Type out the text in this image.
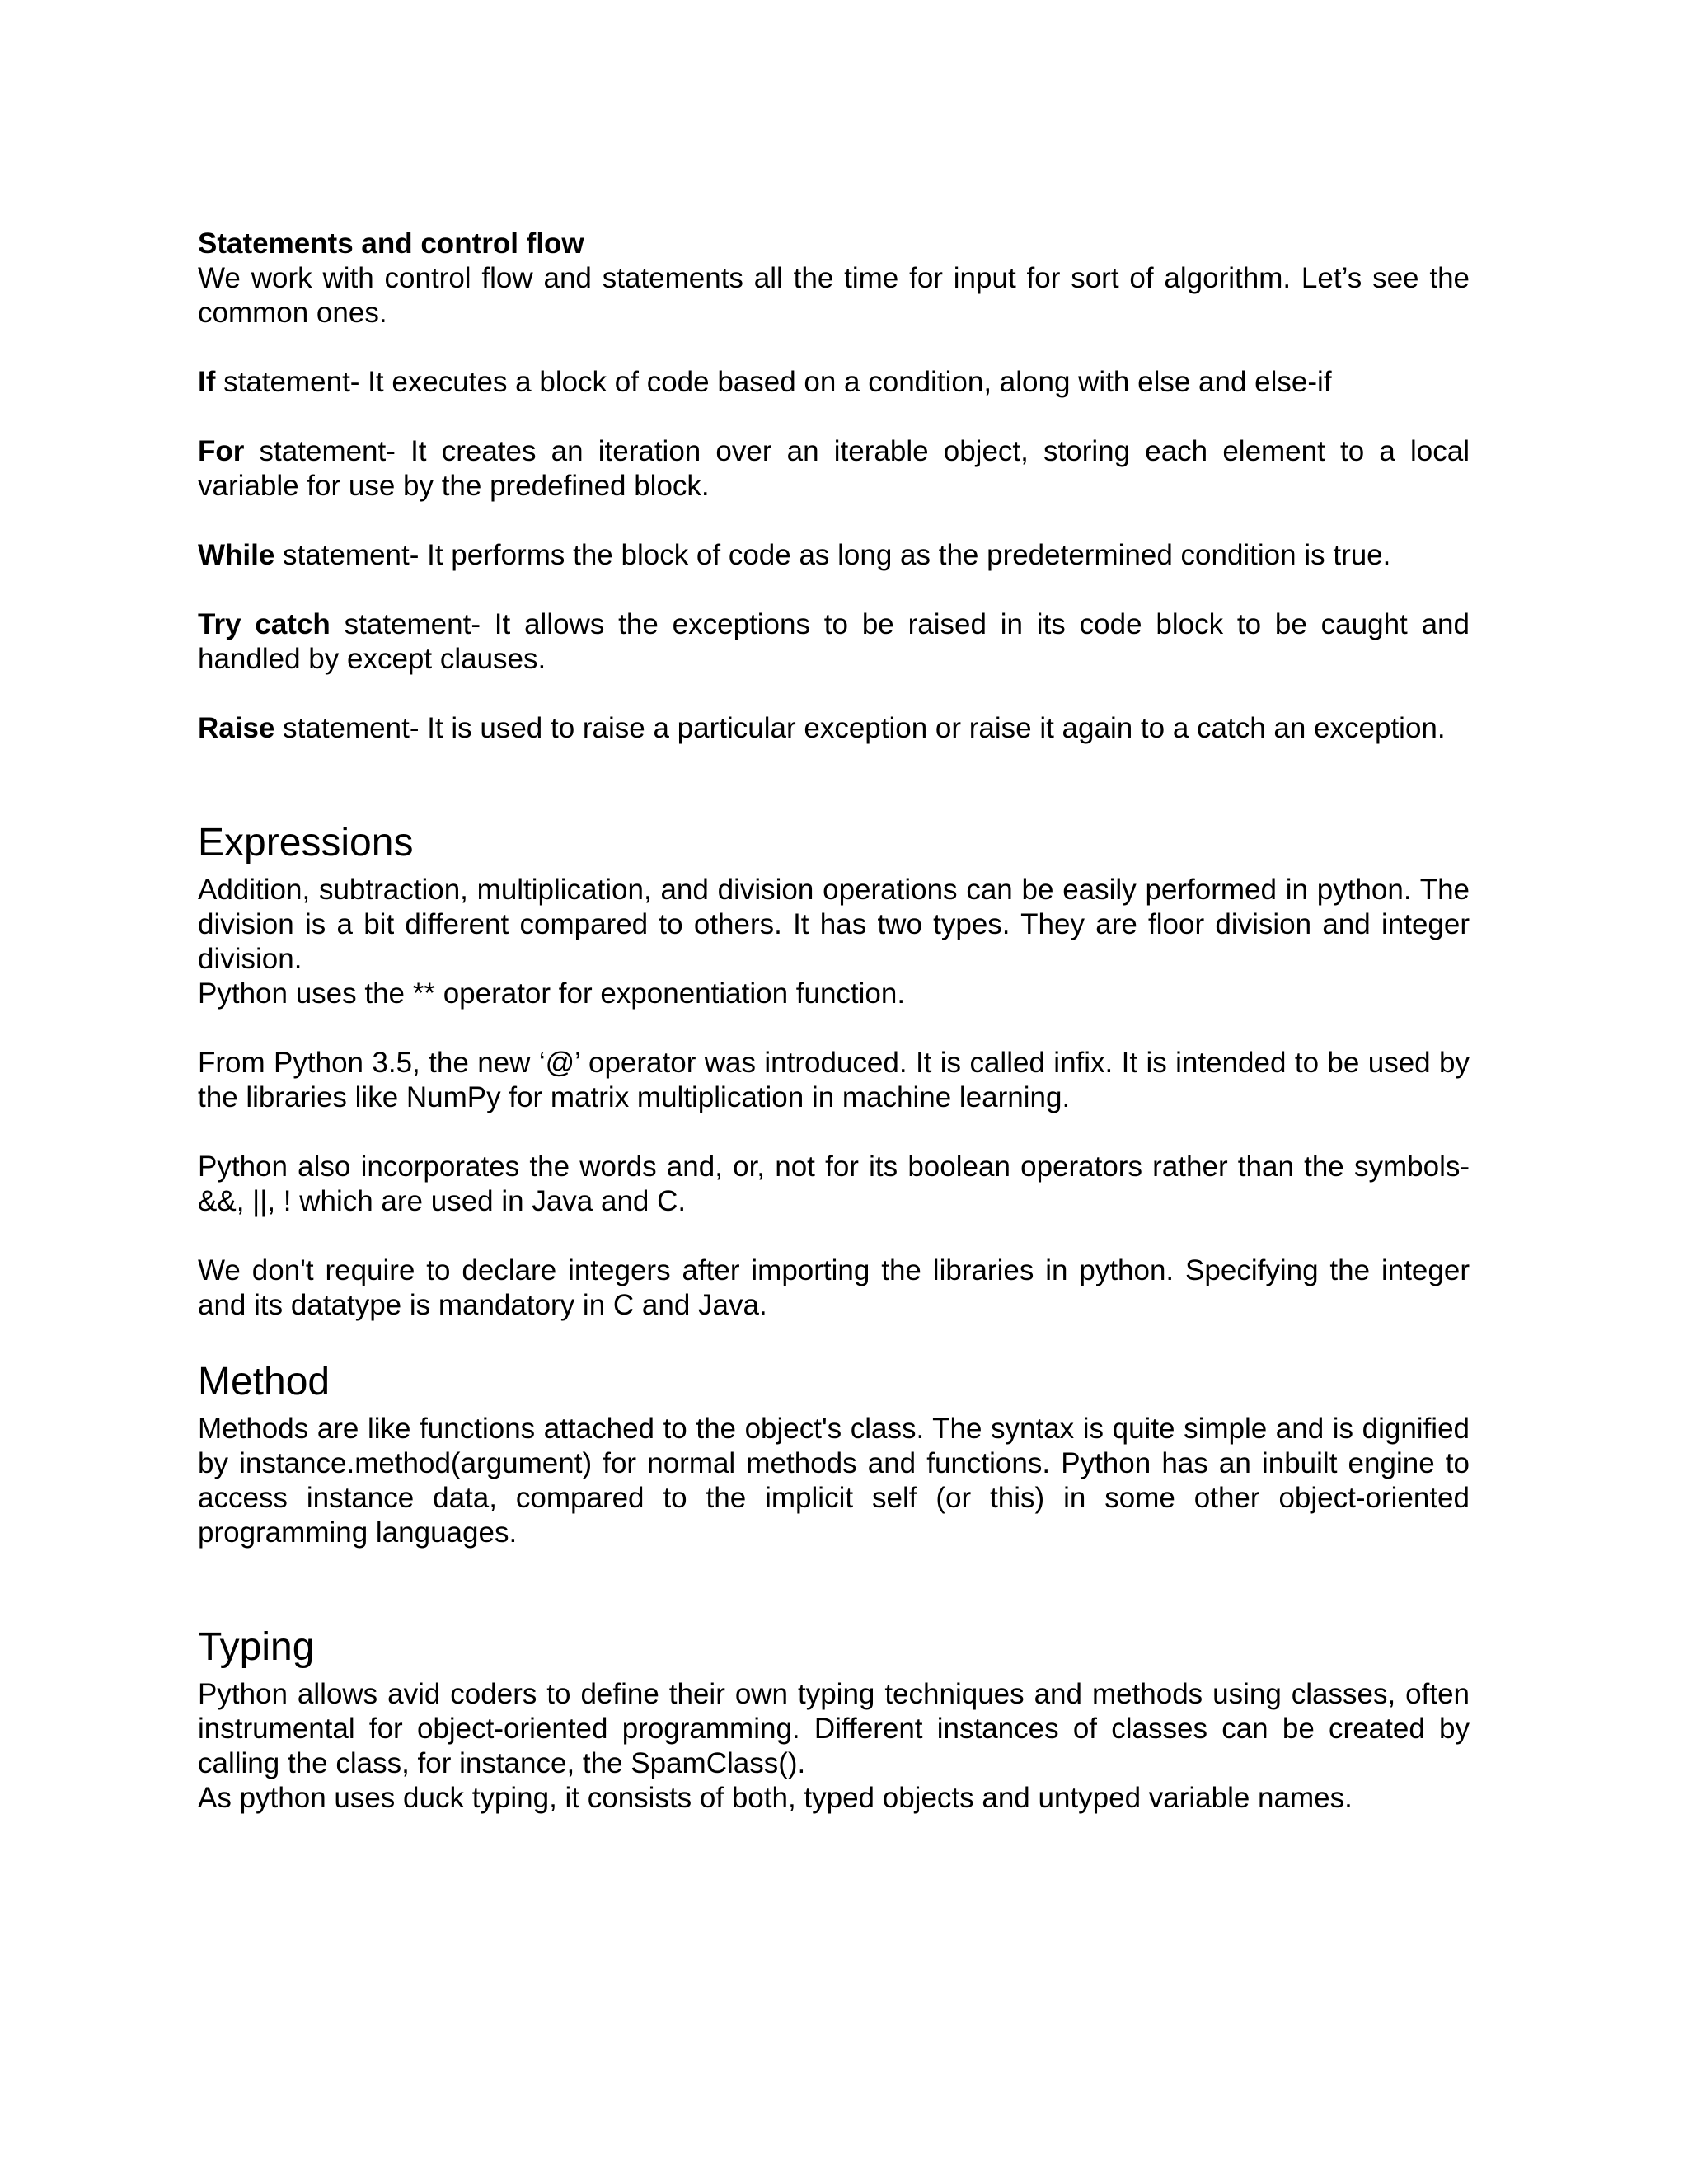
Statements and control flow

We work with control flow and statements all the time for input for sort of algorithm. Let’s see the common ones.

If statement- It executes a block of code based on a condition, along with else and else-if

For statement- It creates an iteration over an iterable object, storing each element to a local variable for use by the predefined block.

While statement- It performs the block of code as long as the predetermined condition is true.

Try catch statement- It allows the exceptions to be raised in its code block to be caught and handled by except clauses.

Raise statement- It is used to raise a particular exception or raise it again to a catch an exception.

Expressions

Addition, subtraction, multiplication, and division operations can be easily performed in python. The division is a bit different compared to others. It has two types. They are floor division and integer division.

Python uses the ** operator for exponentiation function.

From Python 3.5, the new ‘@’ operator was introduced. It is called infix. It is intended to be used by the libraries like NumPy for matrix multiplication in machine learning.

Python also incorporates the words and, or, not for its boolean operators rather than the symbols- &&, ||, ! which are used in Java and C.

We don't require to declare integers after importing the libraries in python. Specifying the integer and its datatype is mandatory in C and Java.

Method

Methods are like functions attached to the object's class. The syntax is quite simple and is dignified by instance.method(argument) for normal methods and functions. Python has an inbuilt engine to access instance data, compared to the implicit self (or this) in some other object-oriented programming languages.

Typing

Python allows avid coders to define their own typing techniques and methods using classes, often instrumental for object-oriented programming. Different instances of classes can be created by calling the class, for instance, the SpamClass().

As python uses duck typing, it consists of both, typed objects and untyped variable names.
